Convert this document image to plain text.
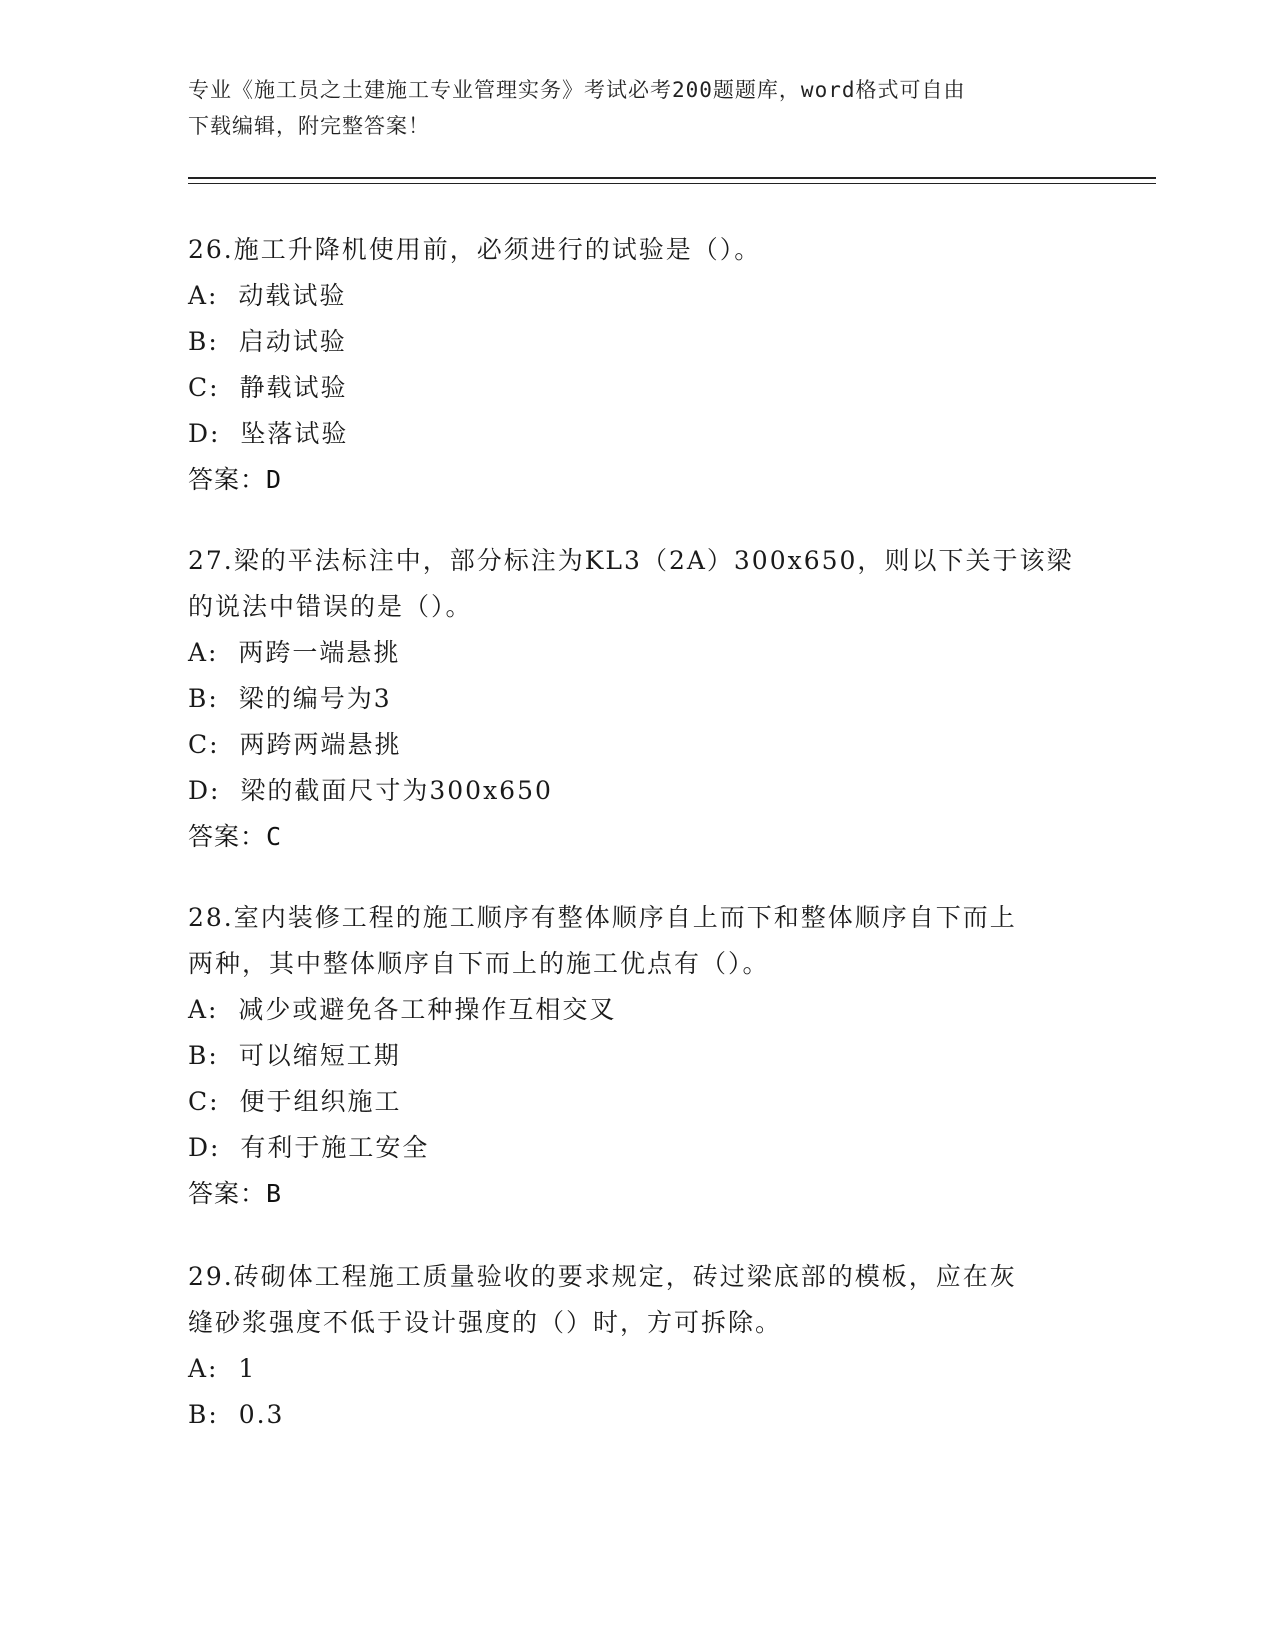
专业《施工员之土建施工专业管理实务》考试必考200题题库，word格式可自由
下载编辑，附完整答案！
26.施工升降机使用前，必须进行的试验是（）。
A:  动载试验
B:  启动试验
C:  静载试验
D:  坠落试验
答案：D
27.梁的平法标注中，部分标注为KL3（2A）300x650，则以下关于该梁
的说法中错误的是（）。
A:  两跨一端悬挑
B:  梁的编号为3
C:  两跨两端悬挑
D:  梁的截面尺寸为300x650
答案：C
28.室内装修工程的施工顺序有整体顺序自上而下和整体顺序自下而上
两种，其中整体顺序自下而上的施工优点有（）。
A:  减少或避免各工种操作互相交叉
B:  可以缩短工期
C:  便于组织施工
D:  有利于施工安全
答案：B
29.砖砌体工程施工质量验收的要求规定，砖过梁底部的模板，应在灰
缝砂浆强度不低于设计强度的（）时，方可拆除。
A:  1
B:  0.3
